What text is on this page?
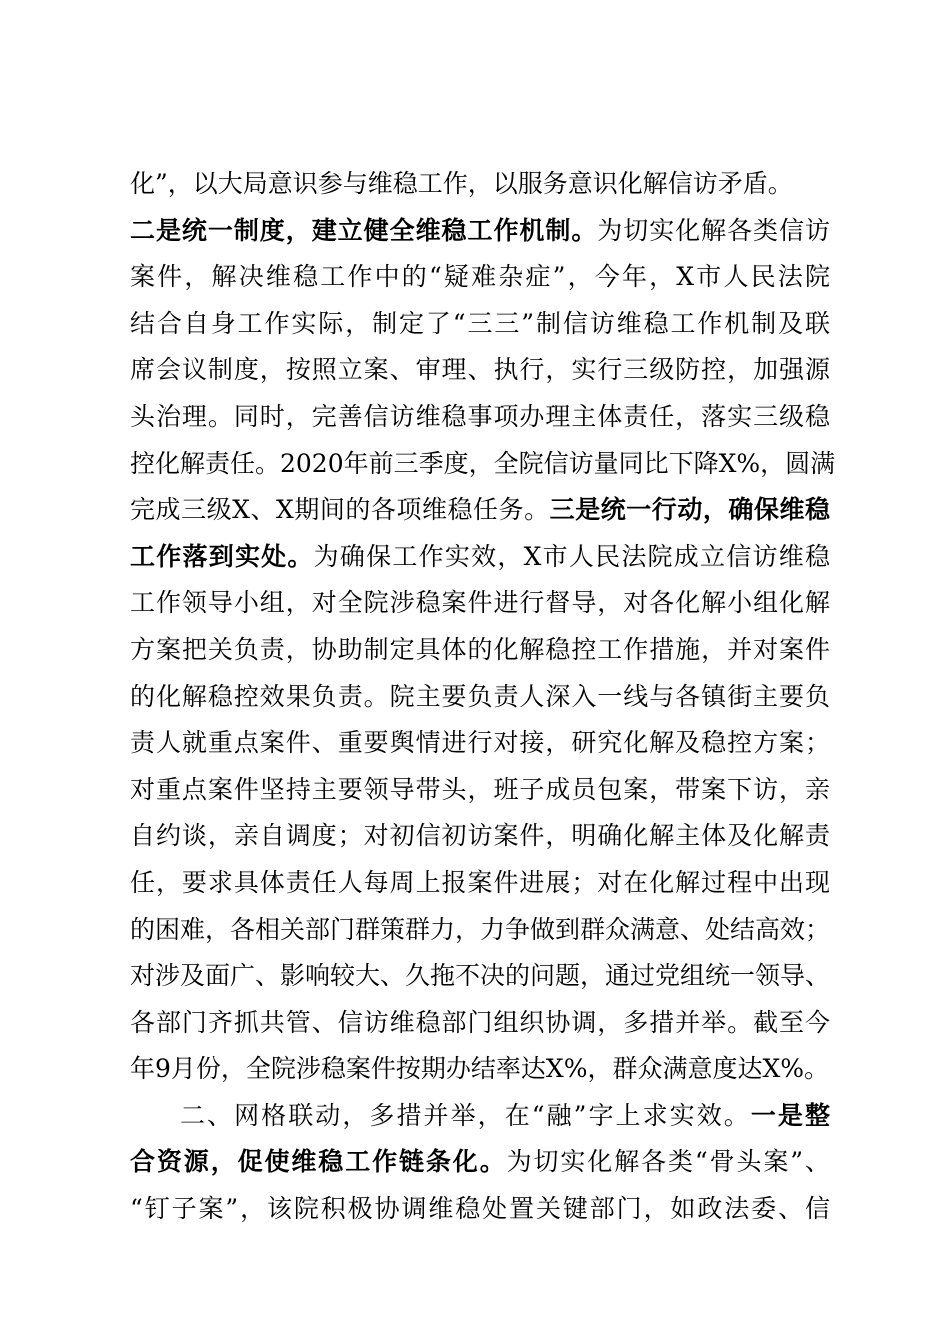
化”，以大局意识参与维稳工作，以服务意识化解信访矛盾。
二是统一制度，建立健全维稳工作机制。为切实化解各类信访
案件，解决维稳工作中的“疑难杂症”，今年，X市人民法院
结合自身工作实际，制定了“三三”制信访维稳工作机制及联
席会议制度，按照立案、审理、执行，实行三级防控，加强源
头治理。同时，完善信访维稳事项办理主体责任，落实三级稳
控化解责任。2020年前三季度，全院信访量同比下降X%，圆满
完成三级X、X期间的各项维稳任务。三是统一行动，确保维稳
工作落到实处。为确保工作实效，X市人民法院成立信访维稳
工作领导小组，对全院涉稳案件进行督导，对各化解小组化解
方案把关负责，协助制定具体的化解稳控工作措施，并对案件
的化解稳控效果负责。院主要负责人深入一线与各镇街主要负
责人就重点案件、重要舆情进行对接，研究化解及稳控方案；
对重点案件坚持主要领导带头，班子成员包案，带案下访，亲
自约谈，亲自调度；对初信初访案件，明确化解主体及化解责
任，要求具体责任人每周上报案件进展；对在化解过程中出现
的困难，各相关部门群策群力，力争做到群众满意、处结高效；
对涉及面广、影响较大、久拖不决的问题，通过党组统一领导、
各部门齐抓共管、信访维稳部门组织协调，多措并举。截至今
年9月份，全院涉稳案件按期办结率达X%，群众满意度达X%。
二、网格联动，多措并举，在“融”字上求实效。一是整
合资源，促使维稳工作链条化。为切实化解各类“骨头案”、
“钉子案”，该院积极协调维稳处置关键部门，如政法委、信
